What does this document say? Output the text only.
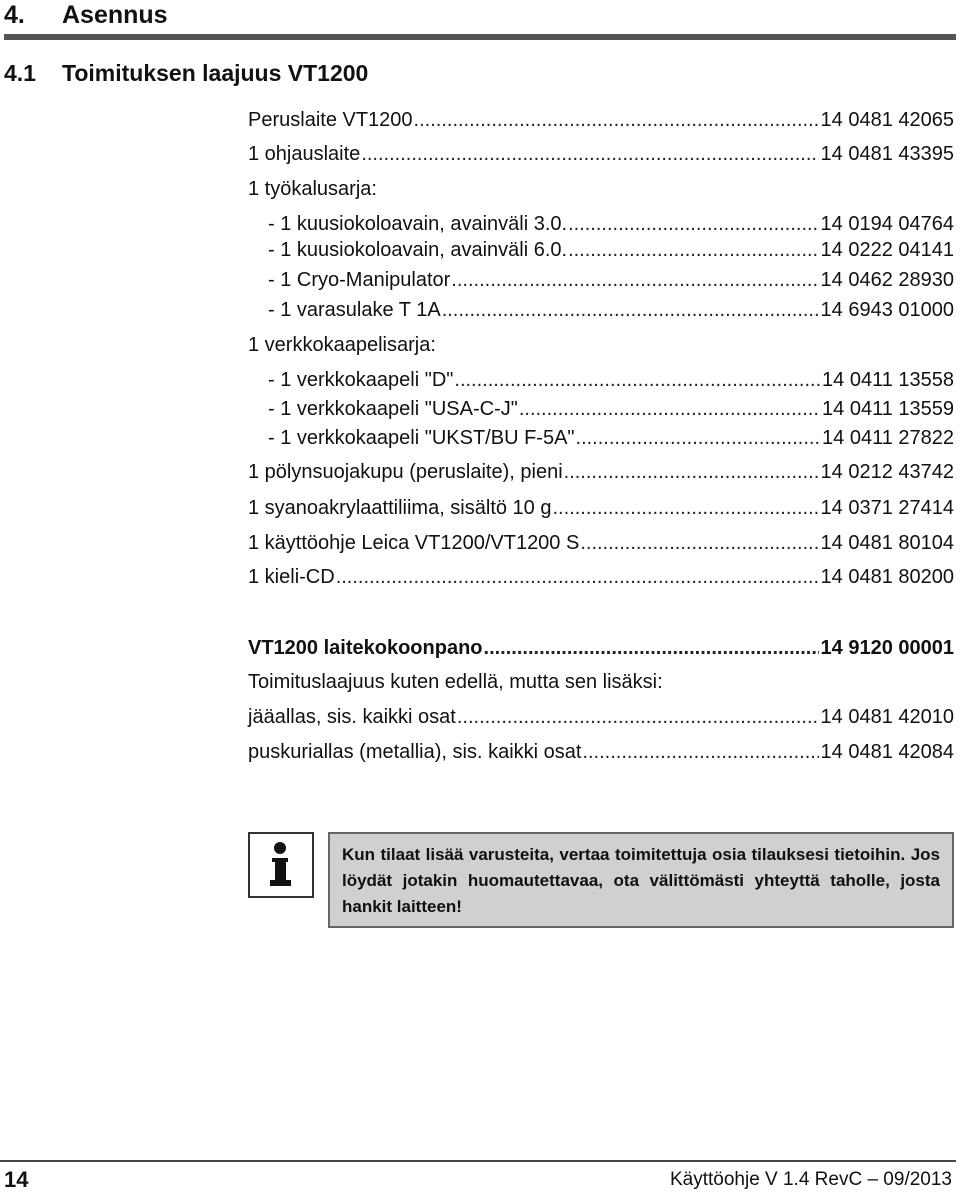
4. Asennus
4.1 Toimituksen laajuus VT1200
Peruslaite VT1200 .....	14 0481 42065
1 ohjauslaite .....	14 0481 43395
1 työkalusarja:
- 1 kuusiokoloavain, avainväli 3.0. .....	14 0194 04764
- 1 kuusiokoloavain, avainväli 6.0. .....	14 0222 04141
- 1 Cryo-Manipulator .....	14 0462 28930
- 1 varasulake T 1A .....	14 6943 01000
1 verkkokaapelisarja:
- 1 verkkokaapeli "D" .....	14 0411 13558
- 1 verkkokaapeli "USA-C-J" .....	14 0411 13559
- 1 verkkokaapeli "UKST/BU F-5A" .....	14 0411 27822
1 pölynsuojakupu (peruslaite), pieni .....	14 0212 43742
1 syanoakrylaattiliima, sisältö 10 g .....	14 0371 27414
1 käyttöohje Leica VT1200/VT1200 S .....	14 0481 80104
1 kieli-CD .....	14 0481 80200
VT1200 laitekokoonpano .....	14 9120 00001
Toimituslaajuus kuten edellä, mutta sen lisäksi:
jääallas, sis. kaikki osat .....	14 0481 42010
puskuriallas (metallia), sis. kaikki osat .....	14 0481 42084
Kun tilaat lisää varusteita, vertaa toimitettuja osia tilauksesi tietoihin. Jos löydät jotakin huomautettavaa, ota välittömästi yhteyttä taholle, josta hankit laitteen!
14	Käyttöohje V 1.4 RevC – 09/2013
